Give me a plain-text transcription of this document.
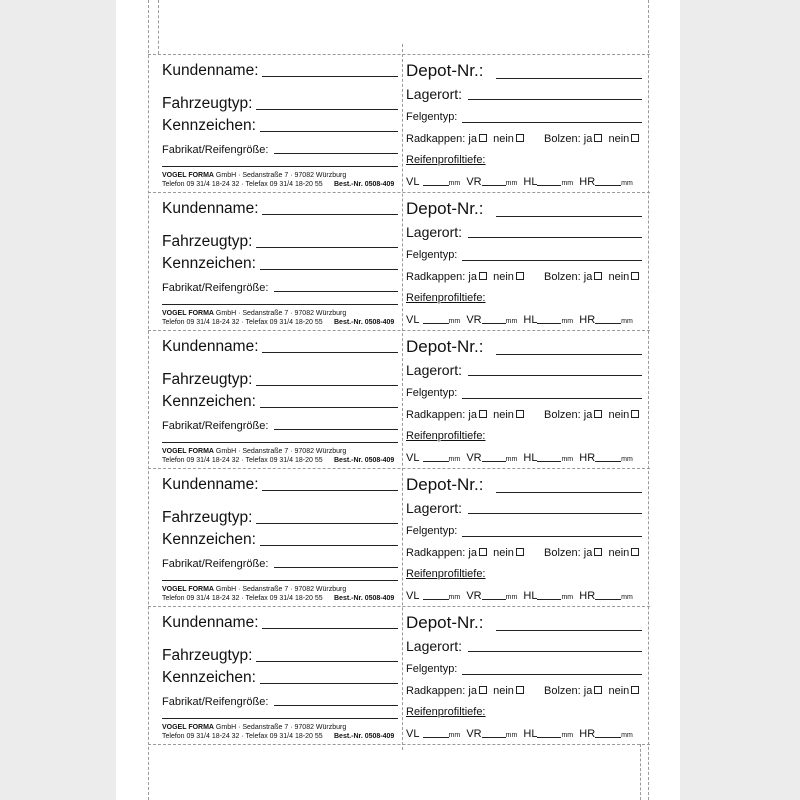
Kundenname:
Fahrzeugtyp:
Kennzeichen:
Fabrikat/Reifengröße:
VOGEL FORMA GmbH · Sedanstraße 7 · 97082 Würzburg
Telefon 09 31/4 18-24 32 · Telefax 09 31/4 18-20 55 Best.-Nr. 0508-409
Depot-Nr.:
Lagerort:
Felgentyp:
Radkappen: ja nein	Bolzen: ja nein
Reifenprofiltiefe:
VL	mm VR	mm HL	mm HR	mm
Kundenname:
Fahrzeugtyp:
Kennzeichen:
Fabrikat/Reifengröße:
VOGEL FORMA GmbH · Sedanstraße 7 · 97082 Würzburg
Telefon 09 31/4 18-24 32 · Telefax 09 31/4 18-20 55 Best.-Nr. 0508-409
Depot-Nr.:
Lagerort:
Felgentyp:
Radkappen: ja nein	Bolzen: ja nein
Reifenprofiltiefe:
VL	mm VR	mm HL	mm HR	mm
Kundenname:
Fahrzeugtyp:
Kennzeichen:
Fabrikat/Reifengröße:
VOGEL FORMA GmbH · Sedanstraße 7 · 97082 Würzburg
Telefon 09 31/4 18-24 32 · Telefax 09 31/4 18-20 55 Best.-Nr. 0508-409
Depot-Nr.:
Lagerort:
Felgentyp:
Radkappen: ja nein	Bolzen: ja nein
Reifenprofiltiefe:
VL	mm VR	mm HL	mm HR	mm
Kundenname:
Fahrzeugtyp:
Kennzeichen:
Fabrikat/Reifengröße:
VOGEL FORMA GmbH · Sedanstraße 7 · 97082 Würzburg
Telefon 09 31/4 18-24 32 · Telefax 09 31/4 18-20 55 Best.-Nr. 0508-409
Depot-Nr.:
Lagerort:
Felgentyp:
Radkappen: ja nein	Bolzen: ja nein
Reifenprofiltiefe:
VL	mm VR	mm HL	mm HR	mm
Kundenname:
Fahrzeugtyp:
Kennzeichen:
Fabrikat/Reifengröße:
VOGEL FORMA GmbH · Sedanstraße 7 · 97082 Würzburg
Telefon 09 31/4 18-24 32 · Telefax 09 31/4 18-20 55 Best.-Nr. 0508-409
Depot-Nr.:
Lagerort:
Felgentyp:
Radkappen: ja nein	Bolzen: ja nein
Reifenprofiltiefe:
VL	mm VR	mm HL	mm HR	mm
